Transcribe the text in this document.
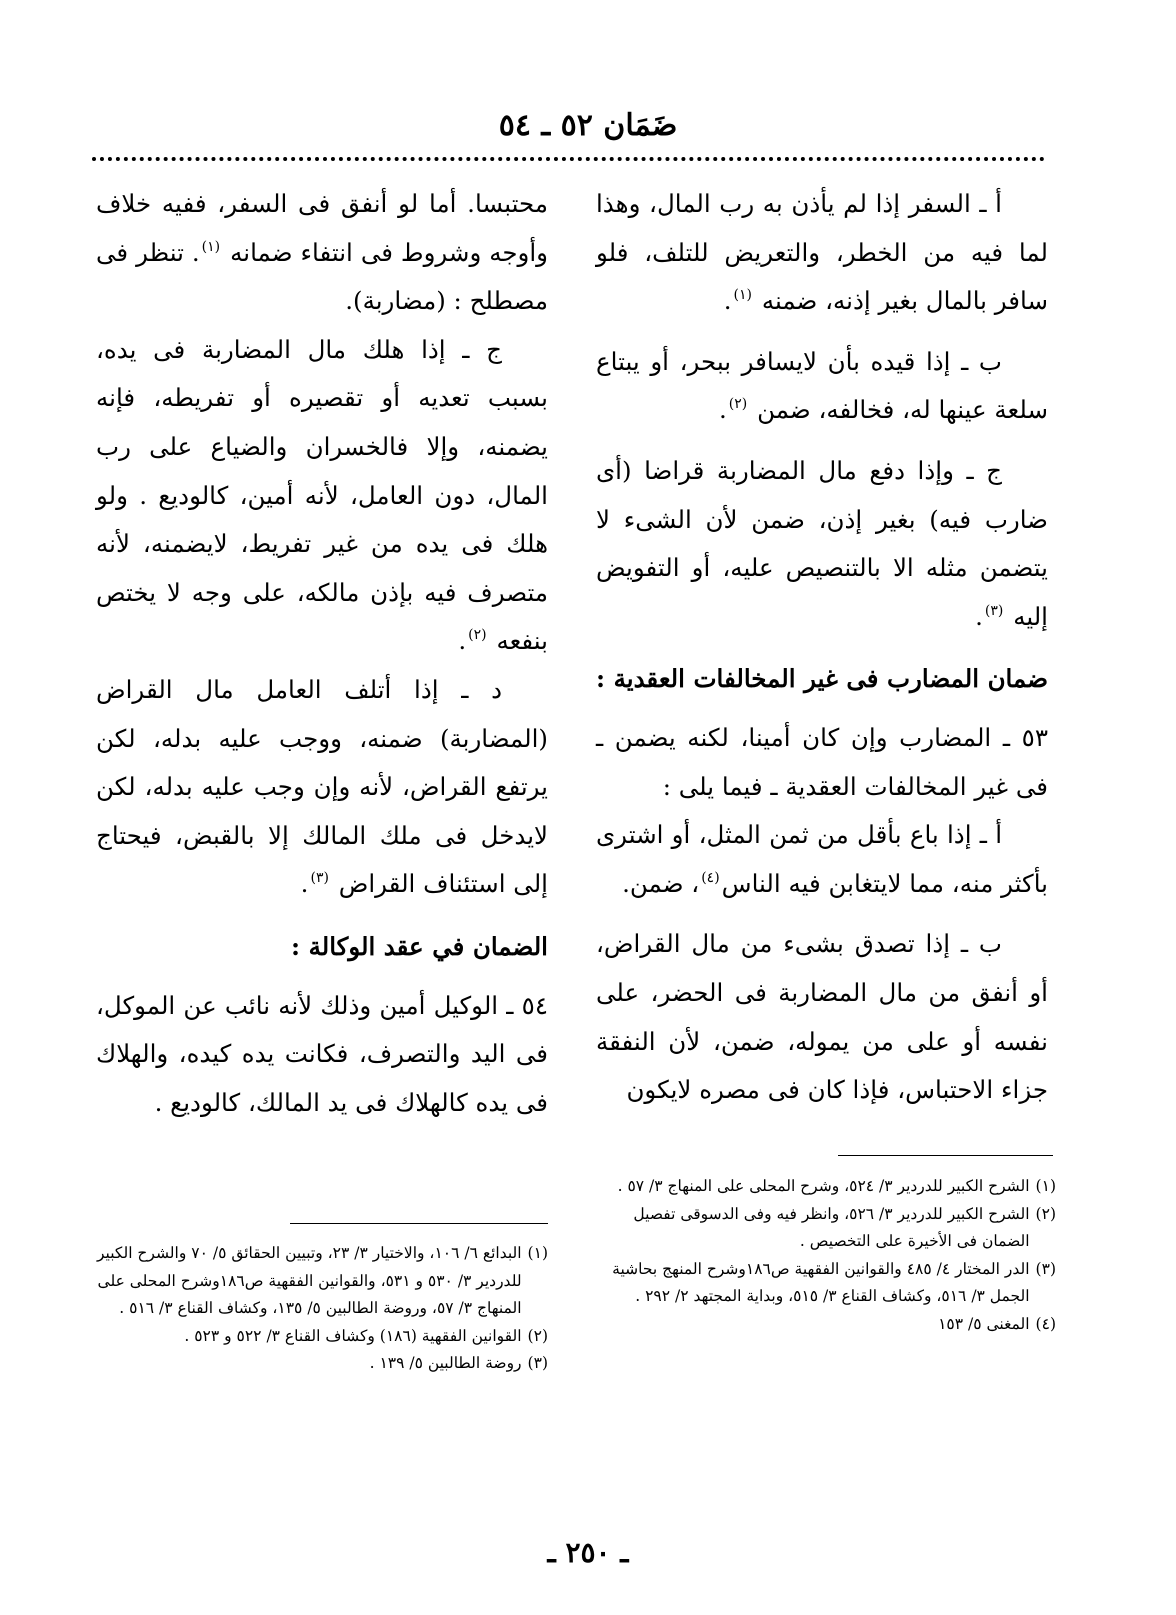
ضَمَان ٥٢ ـ ٥٤

أ ـ السفر إذا لم يأذن به رب المال، وهذا لما فيه من الخطر، والتعريض للتلف، فلو سافر بالمال بغير إذنه، ضمنه $^{(١)}$.

ب ـ إذا قيده بأن لايسافر ببحر، أو يبتاع سلعة عينها له، فخالفه، ضمن $^{(٢)}$.

ج ـ وإذا دفع مال المضاربة قراضا (أى ضارب فيه) بغير إذن، ضمن لأن الشىء لا يتضمن مثله الا بالتنصيص عليه، أو التفويض إليه $^{(٣)}$.

ضمان المضارب فى غير المخالفات العقدية :

٥٣ ـ المضارب وإن كان أمينا، لكنه يضمن ـ فى غير المخالفات العقدية ـ فيما يلى :

أ ـ إذا باع بأقل من ثمن المثل، أو اشترى بأكثر منه، مما لايتغابن فيه الناس$^{(٤)}$، ضمن.

ب ـ إذا تصدق بشىء من مال القراض، أو أنفق من مال المضاربة فى الحضر، على نفسه أو على من يموله، ضمن، لأن النفقة جزاء الاحتباس، فإذا كان فى مصره لايكون

محتبسا. أما لو أنفق فى السفر، ففيه خلاف وأوجه وشروط فى انتفاء ضمانه $^{(١)}$. تنظر فى مصطلح : (مضاربة).

ج ـ إذا هلك مال المضاربة فى يده، بسبب تعديه أو تقصيره أو تفريطه، فإنه يضمنه، وإلا فالخسران والضياع على رب المال، دون العامل، لأنه أمين، كالوديع . ولو هلك فى يده من غير تفريط، لايضمنه، لأنه متصرف فيه بإذن مالكه، على وجه لا يختص بنفعه $^{(٢)}$.

د ـ إذا أتلف العامل مال القراض (المضاربة) ضمنه، ووجب عليه بدله، لكن يرتفع القراض، لأنه وإن وجب عليه بدله، لكن لايدخل فى ملك المالك إلا بالقبض، فيحتاج إلى استئناف القراض $^{(٣)}$.

الضمان في عقد الوكالة :

٥٤ ـ الوكيل أمين وذلك لأنه نائب عن الموكل، فى اليد والتصرف، فكانت يده كيده، والهلاك فى يده كالهلاك فى يد المالك، كالوديع .

(١)
الشرح الكبير للدردير ٣/ ٥٢٤، وشرح المحلى على المنهاج ٣/ ٥٧ .
(٢)
الشرح الكبير للدردير ٣/ ٥٢٦، وانظر فيه وفى الدسوقى تفصيل الضمان فى الأخيرة على التخصيص .
(٣)
الدر المختار ٤/ ٤٨٥ والقوانين الفقهية ص١٨٦وشرح المنهج بحاشية الجمل ٣/ ٥١٦، وكشاف القناع ٣/ ٥١٥، وبداية المجتهد ٢/ ٢٩٢ .
(٤)
المغنى ٥/ ١٥٣
(١)
البدائع ٦/ ١٠٦، والاختيار ٣/ ٢٣، وتبيين الحقائق ٥/ ٧٠ والشرح الكبير للدردير ٣/ ٥٣٠ و ٥٣١، والقوانين الفقهية ص١٨٦وشرح المحلى على المنهاج ٣/ ٥٧، وروضة الطالبين ٥/ ١٣٥، وكشاف القناع ٣/ ٥١٦ .
(٢)
القوانين الفقهية (١٨٦) وكشاف القناع ٣/ ٥٢٢ و ٥٢٣ .
(٣)
روضة الطالبين ٥/ ١٣٩ .
ـ ٢٥٠ ـ
